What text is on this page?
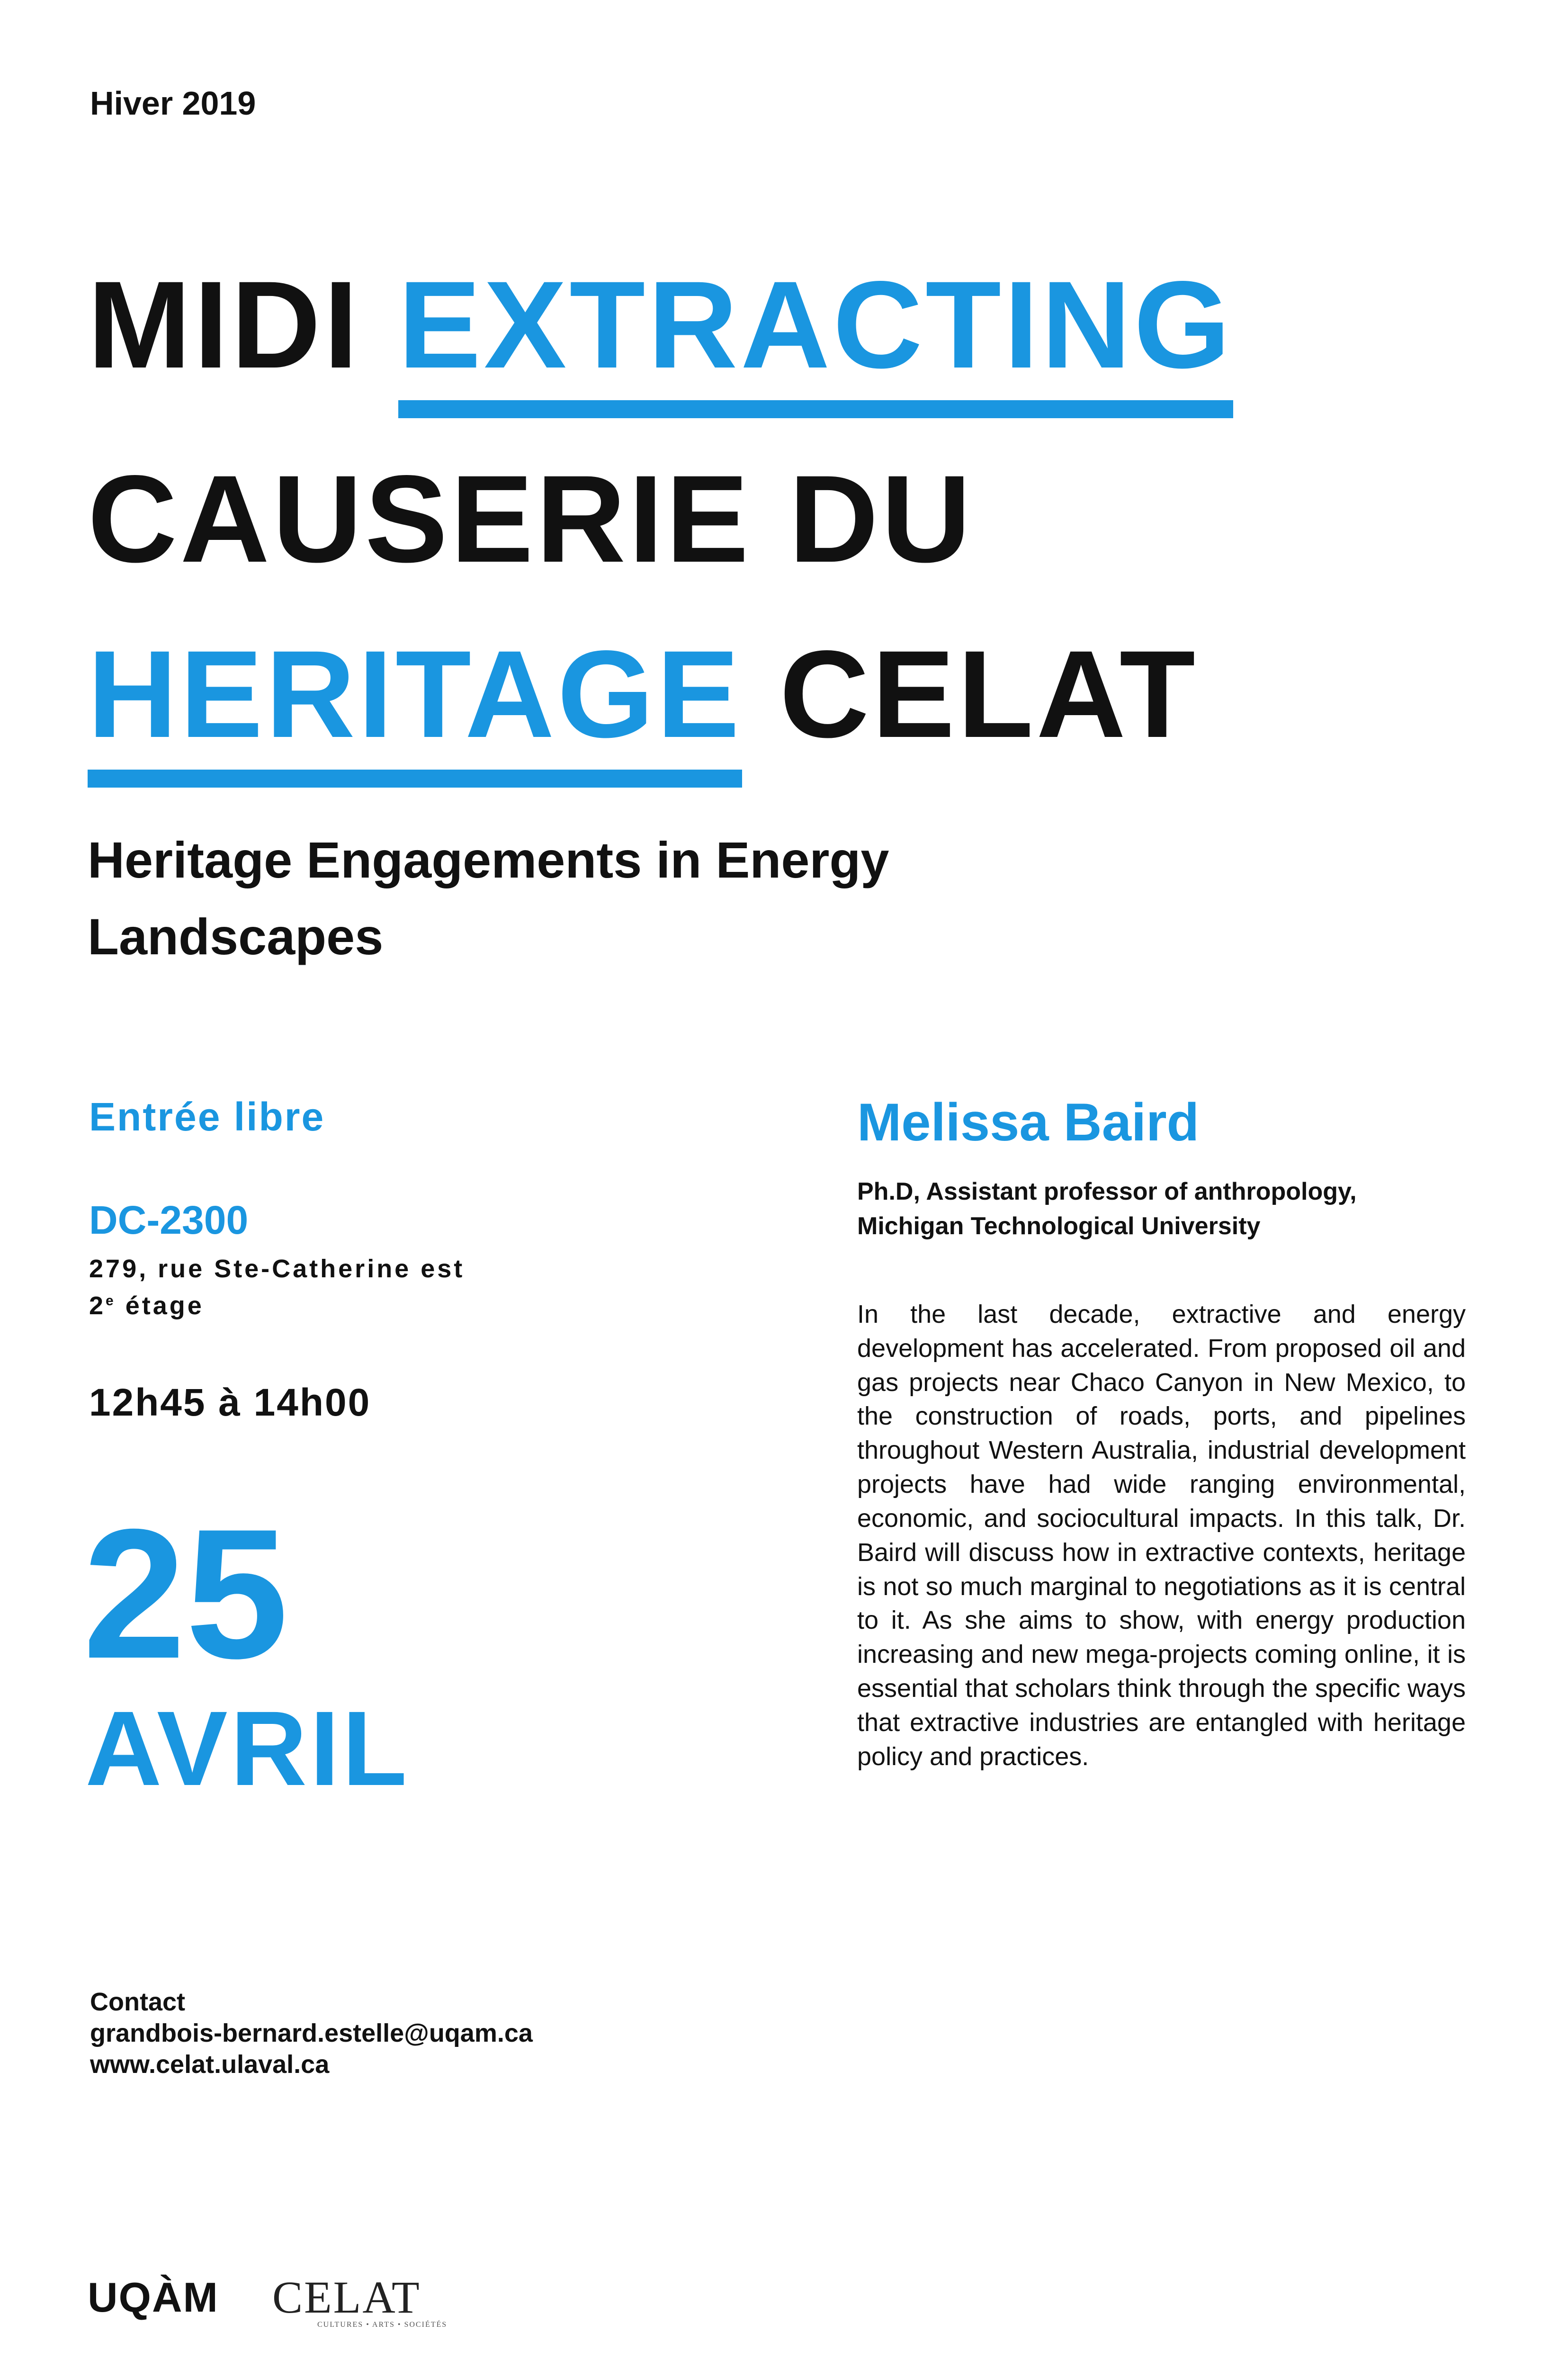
Hiver 2019
MIDI EXTRACTING
CAUSERIE DU
HERITAGE CELAT
Heritage Engagements in Energy Landscapes
Entrée libre
DC-2300
279, rue Ste-Catherine est
2e étage
12h45 à 14h00
25
AVRIL
Melissa Baird
Ph.D, Assistant professor of anthropology,
Michigan Technological University
In the last decade, extractive and energy development has accelerated. From proposed oil and gas projects near Chaco Canyon in New Mexico, to the construction of roads, ports, and pipelines throughout Western Australia, industrial development projects have had wide ranging environmental, economic, and sociocultural impacts. In this talk, Dr. Baird will discuss how in extractive contexts, heritage is not so much marginal to negotiations as it is central to it. As she aims to show, with energy production increasing and new mega-projects coming online, it is essential that scholars think through the specific ways that extractive industries are entangled with heritage policy and practices.
Contact
grandbois-bernard.estelle@uqam.ca
www.celat.ulaval.ca
UQÀM CELAT
CULTURES • ARTS • SOCIÉTÉS
